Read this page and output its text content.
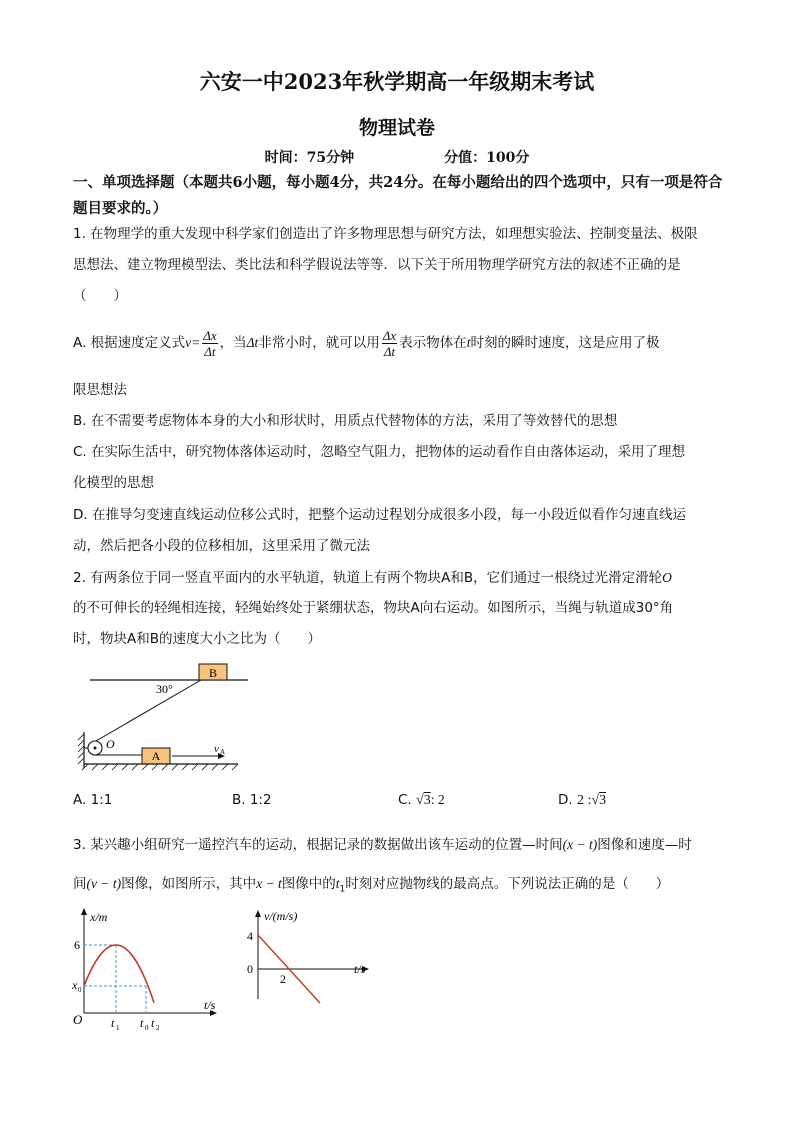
六安一中2023年秋学期高一年级期末考试
物理试卷
时间：75分钟	分值：100分
一、单项选择题（本题共6小题，每小题4分，共24分。在每小题给出的四个选项中，只有一项是符合题目要求的。）
1. 在物理学的重大发现中科学家们创造出了许多物理思想与研究方法，如理想实验法、控制变量法、极限
思想法、建立物理模型法、类比法和科学假说法等等．以下关于所用物理学研究方法的叙述不正确的是
（　　）
A. 根据速度定义式$v= \frac{\Delta x}{\Delta t}$ ，当Δt非常小时，就可以用 $\frac{\Delta x}{\Delta t}$ 表示物体在t时刻的瞬时速度，这是应用了极
限思想法
B. 在不需要考虑物体本身的大小和形状时，用质点代替物体的方法，采用了等效替代的思想
C. 在实际生活中，研究物体落体运动时，忽略空气阻力，把物体的运动看作自由落体运动，采用了理想
化模型的思想
D. 在推导匀变速直线运动位移公式时，把整个运动过程划分成很多小段，每一小段近似看作匀速直线运
动，然后把各小段的位移相加，这里采用了微元法
2. 有两条位于同一竖直平面内的水平轨道，轨道上有两个物块A和B，它们通过一根绕过光滑定滑轮O
的不可伸长的轻绳相连接，轻绳始终处于紧绷状态，物块A向右运动。如图所示，当绳与轨道成30°角
时，物块A和B的速度大小之比为（　　）
B
30°
O
A	v A
A. 1:1	B. 1:2	C. √3: 2	D. 2 :√3
3. 某兴趣小组研究一遥控汽车的运动，根据记录的数据做出该车运动的位置—时间(x − t)图像和速度—时
间(v − t)图像，如图所示，其中x − t图像中的$t_1$时刻对应抛物线的最高点。下列说法正确的是（　　）
x/m
t/s
O
6
x 0
t 1 t 0 t 2
v/(m/s)
t/s
4
0
2
